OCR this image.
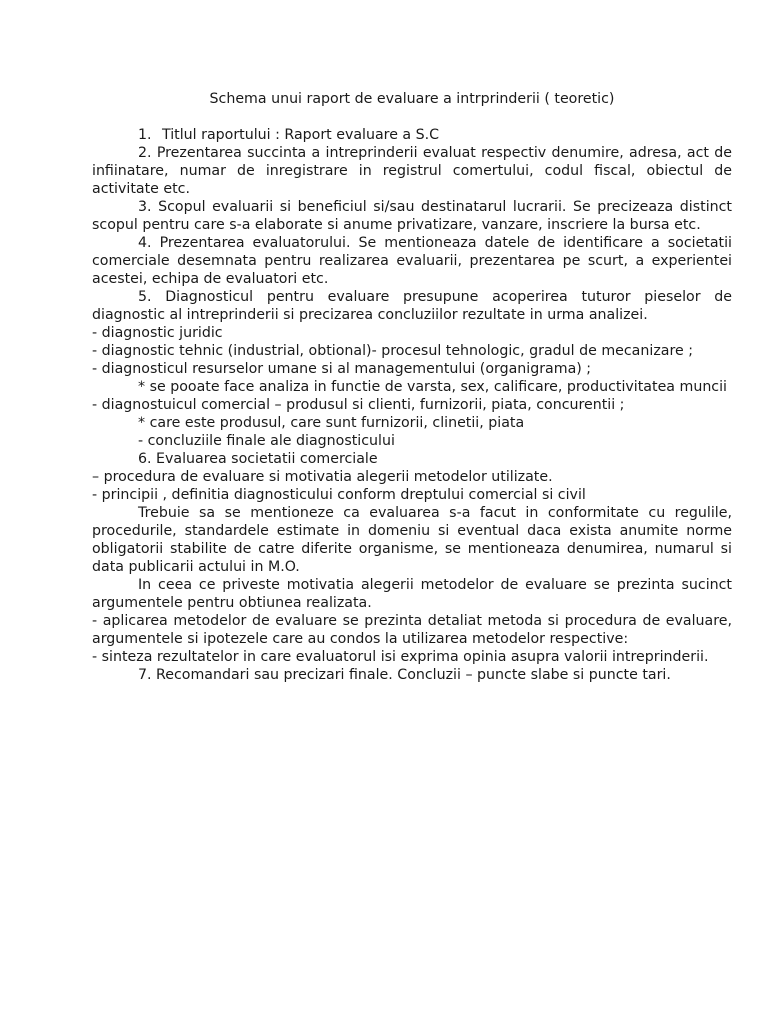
Schema unui raport de evaluare a intrprinderii ( teoretic)

1. Titlul raportului : Raport evaluare a S.C

2. Prezentarea succinta a intreprinderii evaluat respectiv denumire, adresa, act de infiinatare, numar de inregistrare in registrul comertului, codul fiscal, obiectul de activitate etc.

3. Scopul evaluarii si beneficiul si/sau destinatarul lucrarii. Se precizeaza distinct scopul pentru care s-a elaborate si anume privatizare, vanzare, inscriere la bursa etc.

4. Prezentarea evaluatorului. Se mentioneaza datele de identificare a societatii comerciale desemnata pentru realizarea evaluarii, prezentarea pe scurt, a experientei acestei, echipa de evaluatori etc.

5. Diagnosticul pentru evaluare presupune acoperirea tuturor pieselor de diagnostic al intreprinderii si precizarea concluziilor rezultate in urma analizei.

- diagnostic juridic

- diagnostic tehnic (industrial, obtional)- procesul tehnologic, gradul de mecanizare ;

- diagnosticul resurselor umane si al managementului (organigrama) ;

* se pooate face analiza in functie de varsta, sex, calificare, productivitatea muncii

- diagnostuicul comercial – produsul si clienti, furnizorii, piata, concurentii ;

* care este produsul, care sunt furnizorii, clinetii, piata

- concluziile finale ale diagnosticului

6. Evaluarea societatii comerciale

– procedura de evaluare si motivatia alegerii metodelor utilizate.

- principii , definitia diagnosticului conform dreptului comercial si civil

Trebuie sa se mentioneze ca evaluarea s-a facut in conformitate cu regulile, procedurile, standardele estimate in domeniu si eventual daca exista anumite norme obligatorii stabilite de catre diferite organisme, se mentioneaza denumirea, numarul si data publicarii actului in M.O.

In ceea ce priveste motivatia alegerii metodelor de evaluare se prezinta sucinct argumentele pentru obtiunea realizata.

- aplicarea metodelor de evaluare se prezinta detaliat metoda si procedura de evaluare, argumentele si ipotezele care au condos la utilizarea metodelor respective:

- sinteza rezultatelor in care evaluatorul isi exprima opinia asupra valorii intreprinderii.

7. Recomandari sau precizari finale. Concluzii – puncte slabe si puncte tari.
